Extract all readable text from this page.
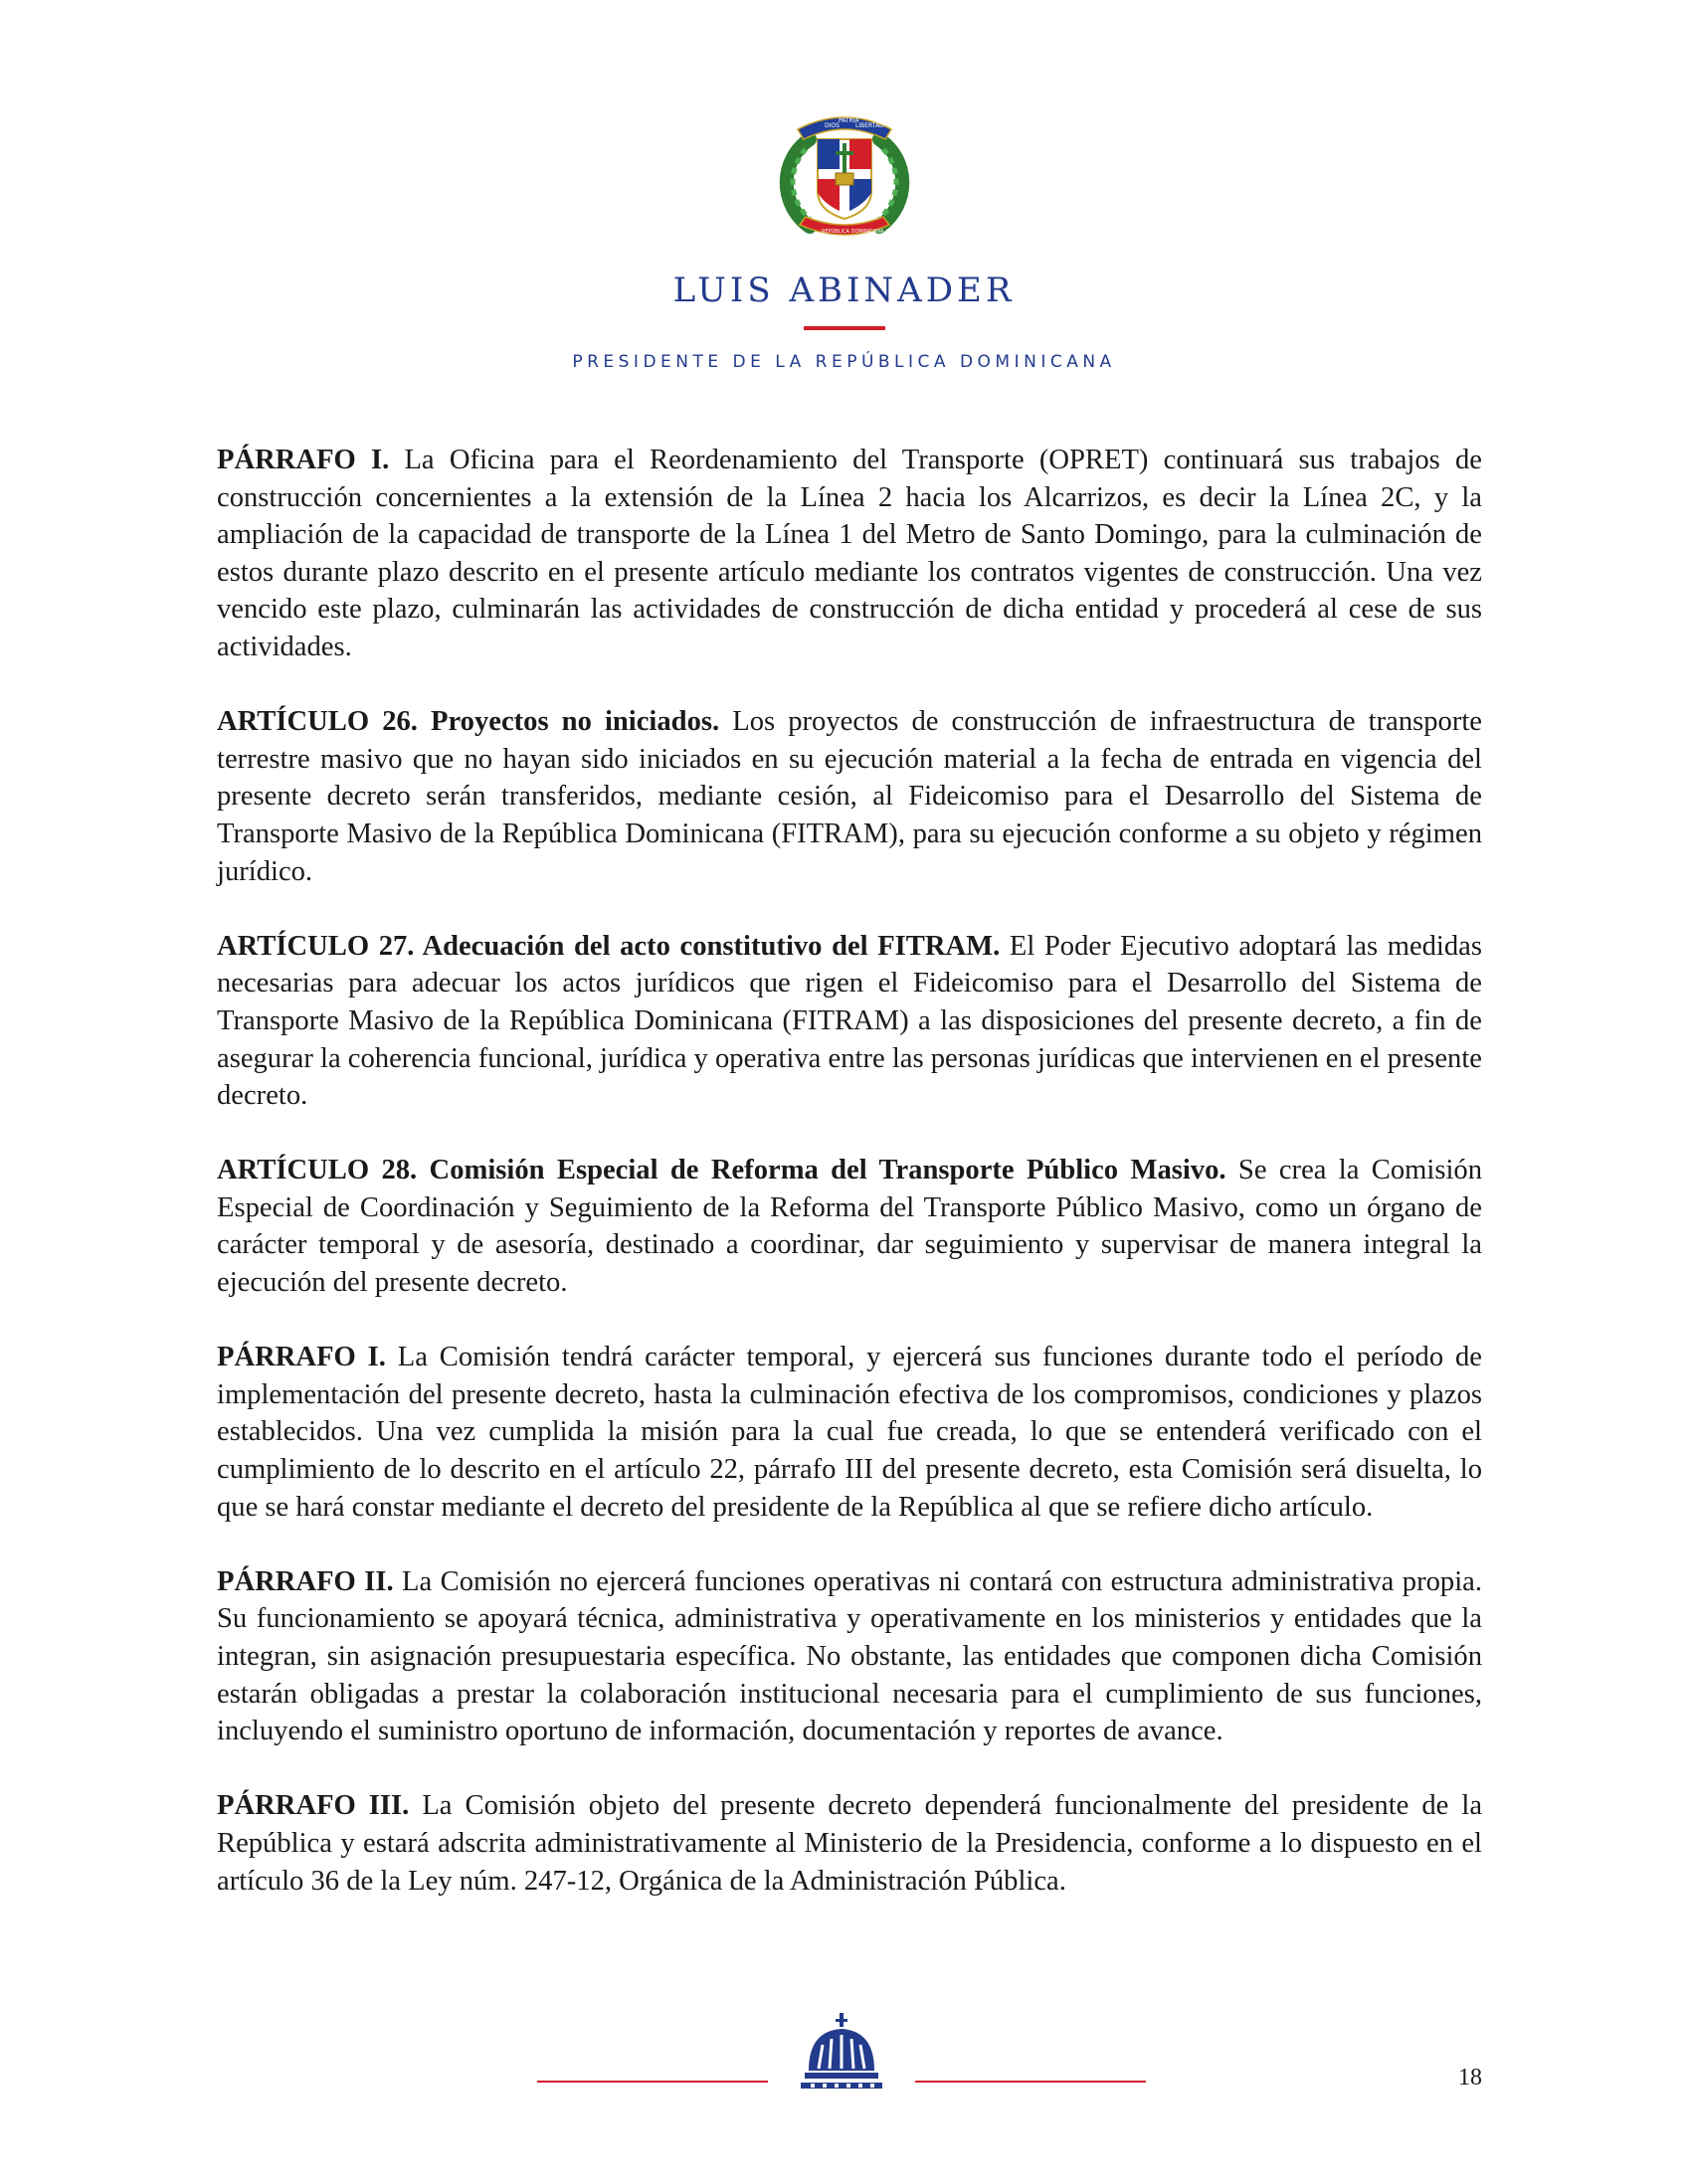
DIOS
PATRIA
LIBERTAD
REPÚBLICA DOMINICANA
LUIS ABINADER
PRESIDENTE DE LA REPÚBLICA DOMINICANA

PÁRRAFO I. La Oficina para el Reordenamiento del Transporte (OPRET) continuará sus trabajos de construcción concernientes a la extensión de la Línea 2 hacia los Alcarrizos, es decir la Línea 2C, y la ampliación de la capacidad de transporte de la Línea 1 del Metro de Santo Domingo, para la culminación de estos durante plazo descrito en el presente artículo mediante los contratos vigentes de construcción. Una vez vencido este plazo, culminarán las actividades de construcción de dicha entidad y procederá al cese de sus actividades.

ARTÍCULO 26. Proyectos no iniciados. Los proyectos de construcción de infraestructura de transporte terrestre masivo que no hayan sido iniciados en su ejecución material a la fecha de entrada en vigencia del presente decreto serán transferidos, mediante cesión, al Fideicomiso para el Desarrollo del Sistema de Transporte Masivo de la República Dominicana (FITRAM), para su ejecución conforme a su objeto y régimen jurídico.

ARTÍCULO 27. Adecuación del acto constitutivo del FITRAM. El Poder Ejecutivo adoptará las medidas necesarias para adecuar los actos jurídicos que rigen el Fideicomiso para el Desarrollo del Sistema de Transporte Masivo de la República Dominicana (FITRAM) a las disposiciones del presente decreto, a fin de asegurar la coherencia funcional, jurídica y operativa entre las personas jurídicas que intervienen en el presente decreto.

ARTÍCULO 28. Comisión Especial de Reforma del Transporte Público Masivo. Se crea la Comisión Especial de Coordinación y Seguimiento de la Reforma del Transporte Público Masivo, como un órgano de carácter temporal y de asesoría, destinado a coordinar, dar seguimiento y supervisar de manera integral la ejecución del presente decreto.

PÁRRAFO I. La Comisión tendrá carácter temporal, y ejercerá sus funciones durante todo el período de implementación del presente decreto, hasta la culminación efectiva de los compromisos, condiciones y plazos establecidos. Una vez cumplida la misión para la cual fue creada, lo que se entenderá verificado con el cumplimiento de lo descrito en el artículo 22, párrafo III del presente decreto, esta Comisión será disuelta, lo que se hará constar mediante el decreto del presidente de la República al que se refiere dicho artículo.

PÁRRAFO II. La Comisión no ejercerá funciones operativas ni contará con estructura administrativa propia. Su funcionamiento se apoyará técnica, administrativa y operativamente en los ministerios y entidades que la integran, sin asignación presupuestaria específica. No obstante, las entidades que componen dicha Comisión estarán obligadas a prestar la colaboración institucional necesaria para el cumplimiento de sus funciones, incluyendo el suministro oportuno de información, documentación y reportes de avance.

PÁRRAFO III. La Comisión objeto del presente decreto dependerá funcionalmente del presidente de la República y estará adscrita administrativamente al Ministerio de la Presidencia, conforme a lo dispuesto en el artículo 36 de la Ley núm. 247-12, Orgánica de la Administración Pública.

18
